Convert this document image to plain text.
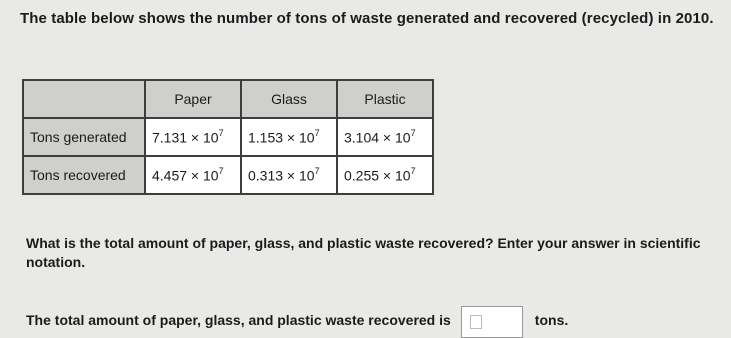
The table below shows the number of tons of waste generated and recovered (recycled) in 2010.
	Paper	Glass	Plastic
Tons generated	$7.131 \times 10^7$	$1.153 \times 10^7$	$3.104 \times 10^7$
Tons recovered	$4.457 \times 10^7$	$0.313 \times 10^7$	$0.255 \times 10^7$
What is the total amount of paper, glass, and plastic waste recovered? Enter your answer in scientific notation.
The total amount of paper, glass, and plastic waste recovered is	tons.
